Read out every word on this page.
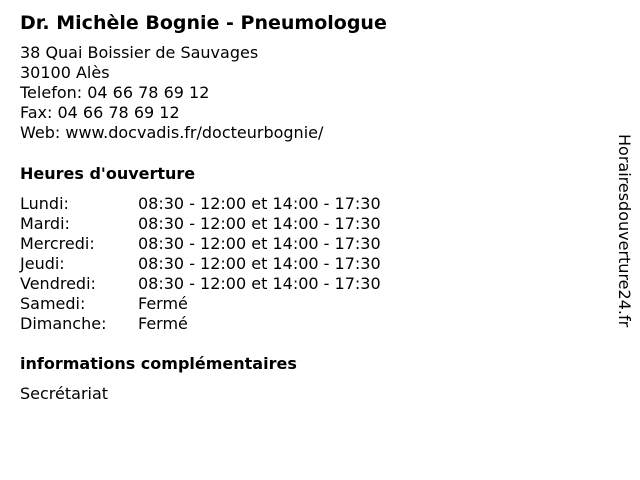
Dr. Michèle Bognie - Pneumologue
38 Quai Boissier de Sauvages
30100 Alès
Telefon: 04 66 78 69 12
Fax: 04 66 78 69 12
Web: www.docvadis.fr/docteurbognie/
Heures d'ouverture
Lundi:	08:30 - 12:00 et 14:00 - 17:30
Mardi:	08:30 - 12:00 et 14:00 - 17:30
Mercredi:	08:30 - 12:00 et 14:00 - 17:30
Jeudi:	08:30 - 12:00 et 14:00 - 17:30
Vendredi:	08:30 - 12:00 et 14:00 - 17:30
Samedi:	Fermé
Dimanche:	Fermé
informations complémentaires
Secrétariat
Horairesdouverture24.fr
